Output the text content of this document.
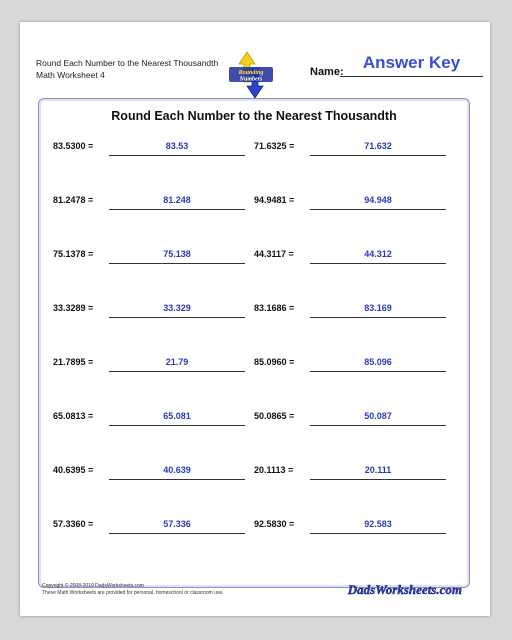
Round Each Number to the Nearest Thousandth
Math Worksheet 4	Rounding
Numbers
Name:	Answer Key
Round Each Number to the Nearest Thousandth
83.5300 =	83.53	71.6325 =	71.632
81.2478 =	81.248	94.9481 =	94.948
75.1378 =	75.138	44.3117 =	44.312
33.3289 =	33.329	83.1686 =	83.169
21.7895 =	21.79	85.0960 =	85.096
65.0813 =	65.081	50.0865 =	50.087
40.6395 =	40.639	20.1113 =	20.111
57.3360 =	57.336	92.5830 =	92.583
Copyright © 2008-2019 DadsWorksheets.com
These Math Worksheets are provided for personal, homeschool or classroom use.	DadsWorksheets.com
